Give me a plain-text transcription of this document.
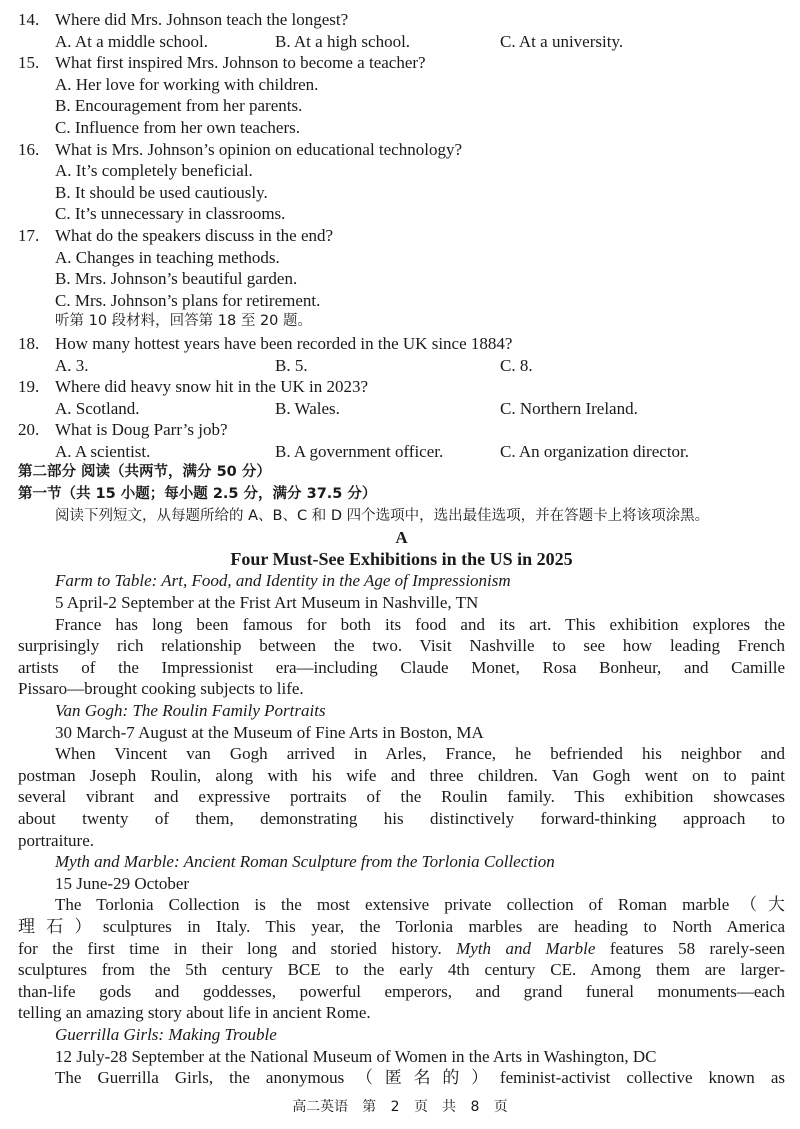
14. Where did Mrs. Johnson teach the longest?
A. At a middle school.	B. At a high school.	C. At a university.
15. What first inspired Mrs. Johnson to become a teacher?
A. Her love for working with children.
B. Encouragement from her parents.
C. Influence from her own teachers.
16. What is Mrs. Johnson’s opinion on educational technology?
A. It’s completely beneficial.
B. It should be used cautiously.
C. It’s unnecessary in classrooms.
17. What do the speakers discuss in the end?
A. Changes in teaching methods.
B. Mrs. Johnson’s beautiful garden.
C. Mrs. Johnson’s plans for retirement.
听第 10 段材料，回答第 18 至 20 题。
18. How many hottest years have been recorded in the UK since 1884?
A. 3.	B. 5.	C. 8.
19. Where did heavy snow hit in the UK in 2023?
A. Scotland.	B. Wales.	C. Northern Ireland.
20. What is Doug Parr’s job?
A. A scientist.	B. A government officer.	C. An organization director.
第二部分 阅读（共两节，满分 50 分）
第一节（共 15 小题；每小题 2.5 分，满分 37.5 分）
阅读下列短文，从每题所给的 A、B、C 和 D 四个选项中，选出最佳选项，并在答题卡上将该项涂黑。
A
Four Must-See Exhibitions in the US in 2025
Farm to Table: Art, Food, and Identity in the Age of Impressionism
5 April-2 September at the Frist Art Museum in Nashville, TN
France has long been famous for both its food and its art. This exhibition explores the
surprisingly rich relationship between the two. Visit Nashville to see how leading French
artists of the Impressionist era—including Claude Monet, Rosa Bonheur, and Camille
Pissaro—brought cooking subjects to life.
Van Gogh: The Roulin Family Portraits
30 March-7 August at the Museum of Fine Arts in Boston, MA
When Vincent van Gogh arrived in Arles, France, he befriended his neighbor and
postman Joseph Roulin, along with his wife and three children. Van Gogh went on to paint
several vibrant and expressive portraits of the Roulin family. This exhibition showcases
about twenty of them, demonstrating his distinctively forward-thinking approach to
portraiture.
Myth and Marble: Ancient Roman Sculpture from the Torlonia Collection
15 June-29 October
The Torlonia Collection is the most extensive private collection of Roman marble（大
理石）sculptures in Italy. This year, the Torlonia marbles are heading to North America
for the first time in their long and storied history. Myth and Marble features 58 rarely-seen
sculptures from the 5th century BCE to the early 4th century CE. Among them are larger-
than-life gods and goddesses, powerful emperors, and grand funeral monuments—each
telling an amazing story about life in ancient Rome.
Guerrilla Girls: Making Trouble
12 July-28 September at the National Museum of Women in the Arts in Washington, DC
The Guerrilla Girls, the anonymous（匿名的）feminist-activist collective known as
高二英语　第 2 页　共 8 页
